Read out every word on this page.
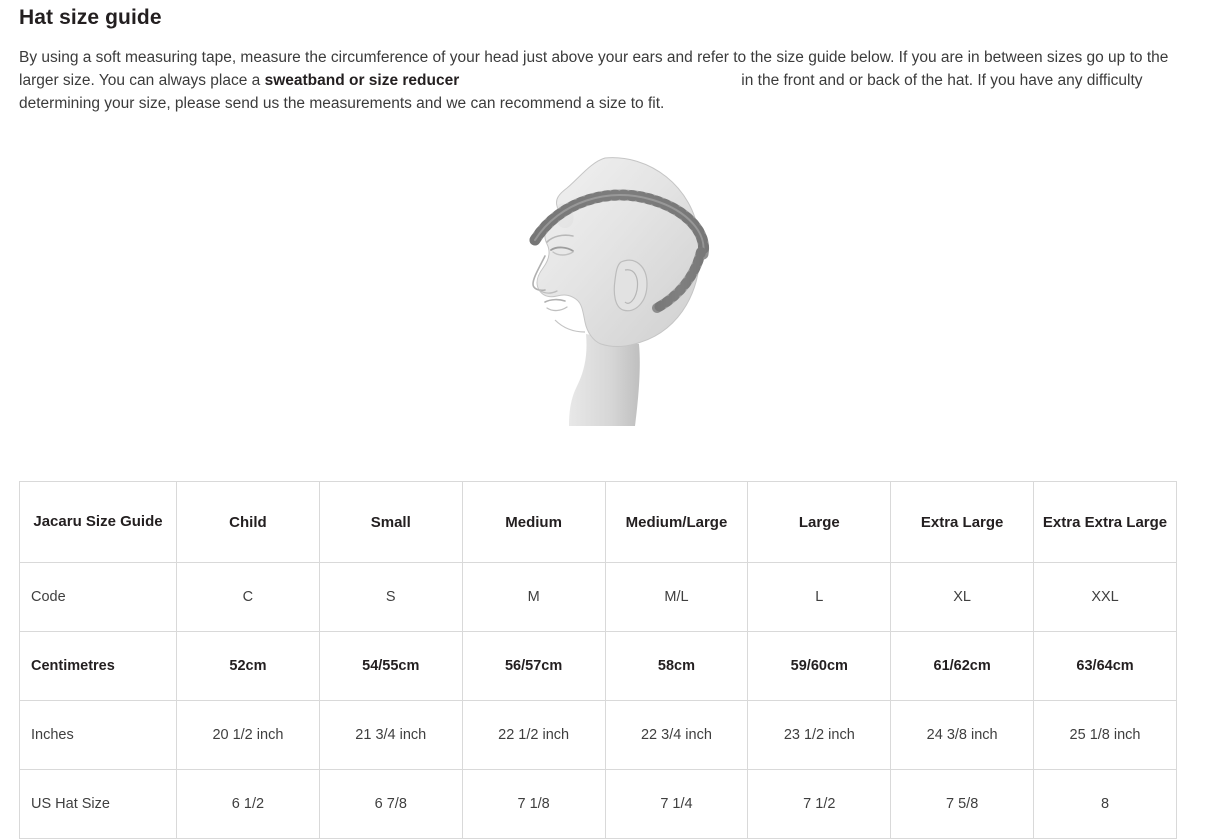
Hat size guide

By using a soft measuring tape, measure the circumference of your head just above your ears and refer to the size guide below. If you are in between sizes go up to the larger size. You can always place a sweatband or size reducer	in the front and or back of the hat. If you have any difficulty determining your size, please send us the measurements and we can recommend a size to fit.

Jacaru Size Guide	Child	Small	Medium	Medium/Large	Large	Extra Large	Extra Extra Large
Code	C	S	M	M/L	L	XL	XXL
Centimetres	52cm	54/55cm	56/57cm	58cm	59/60cm	61/62cm	63/64cm
Inches	20 1/2 inch	21 3/4 inch	22 1/2 inch	22 3/4 inch	23 1/2 inch	24 3/8 inch	25 1/8 inch
US Hat Size	6 1/2	6 7/8	7 1/8	7 1/4	7 1/2	7 5/8	8
